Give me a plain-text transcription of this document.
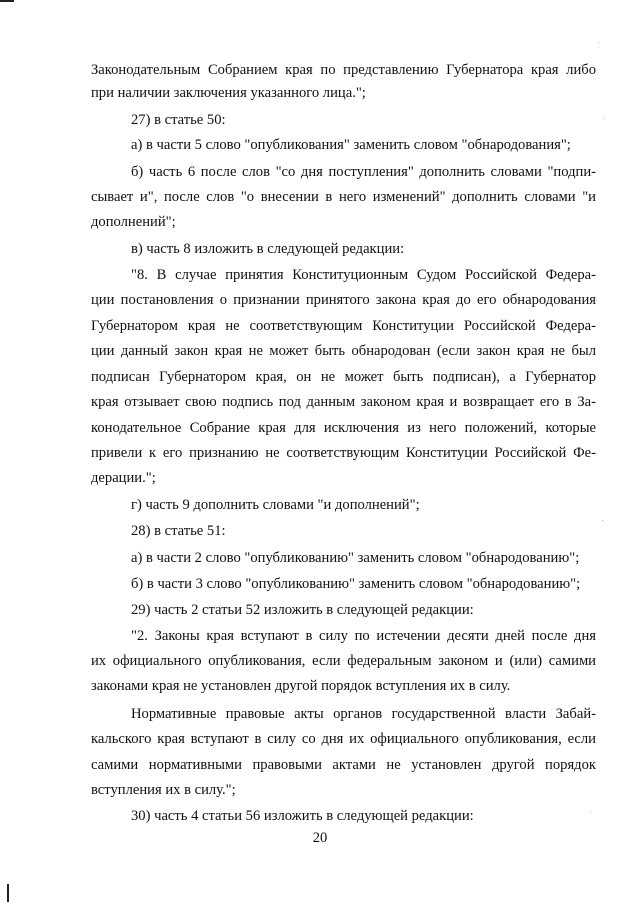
Законодательным Собранием края по представлению Губернатора края либо
при наличии заключения указанного лица.";
27) в статье 50:
а) в части 5 слово "опубликования" заменить словом "обнародования";
б) часть 6 после слов "со дня поступления" дополнить словами "подпи-
сывает и", после слов "о внесении в него изменений" дополнить словами "и
дополнений";
в) часть 8 изложить в следующей редакции:
"8. В случае принятия Конституционным Судом Российской Федера-
ции постановления о признании принятого закона края до его обнародования
Губернатором края не соответствующим Конституции Российской Федера-
ции данный закон края не может быть обнародован (если закон края не был
подписан Губернатором края, он не может быть подписан), а Губернатор
края отзывает свою подпись под данным законом края и возвращает его в За-
конодательное Собрание края для исключения из него положений, которые
привели к его признанию не соответствующим Конституции Российской Фе-
дерации.";
г) часть 9 дополнить словами "и дополнений";
28) в статье 51:
а) в части 2 слово "опубликованию" заменить словом "обнародованию";
б) в части 3 слово "опубликованию" заменить словом "обнародованию";
29) часть 2 статьи 52 изложить в следующей редакции:
"2. Законы края вступают в силу по истечении десяти дней после дня
их официального опубликования, если федеральным законом и (или) самими
законами края не установлен другой порядок вступления их в силу.
Нормативные правовые акты органов государственной власти Забай-
кальского края вступают в силу со дня их официального опубликования, если
самими нормативными правовыми актами не установлен другой порядок
вступления их в силу.";
30) часть 4 статьи 56 изложить в следующей редакции:
20
